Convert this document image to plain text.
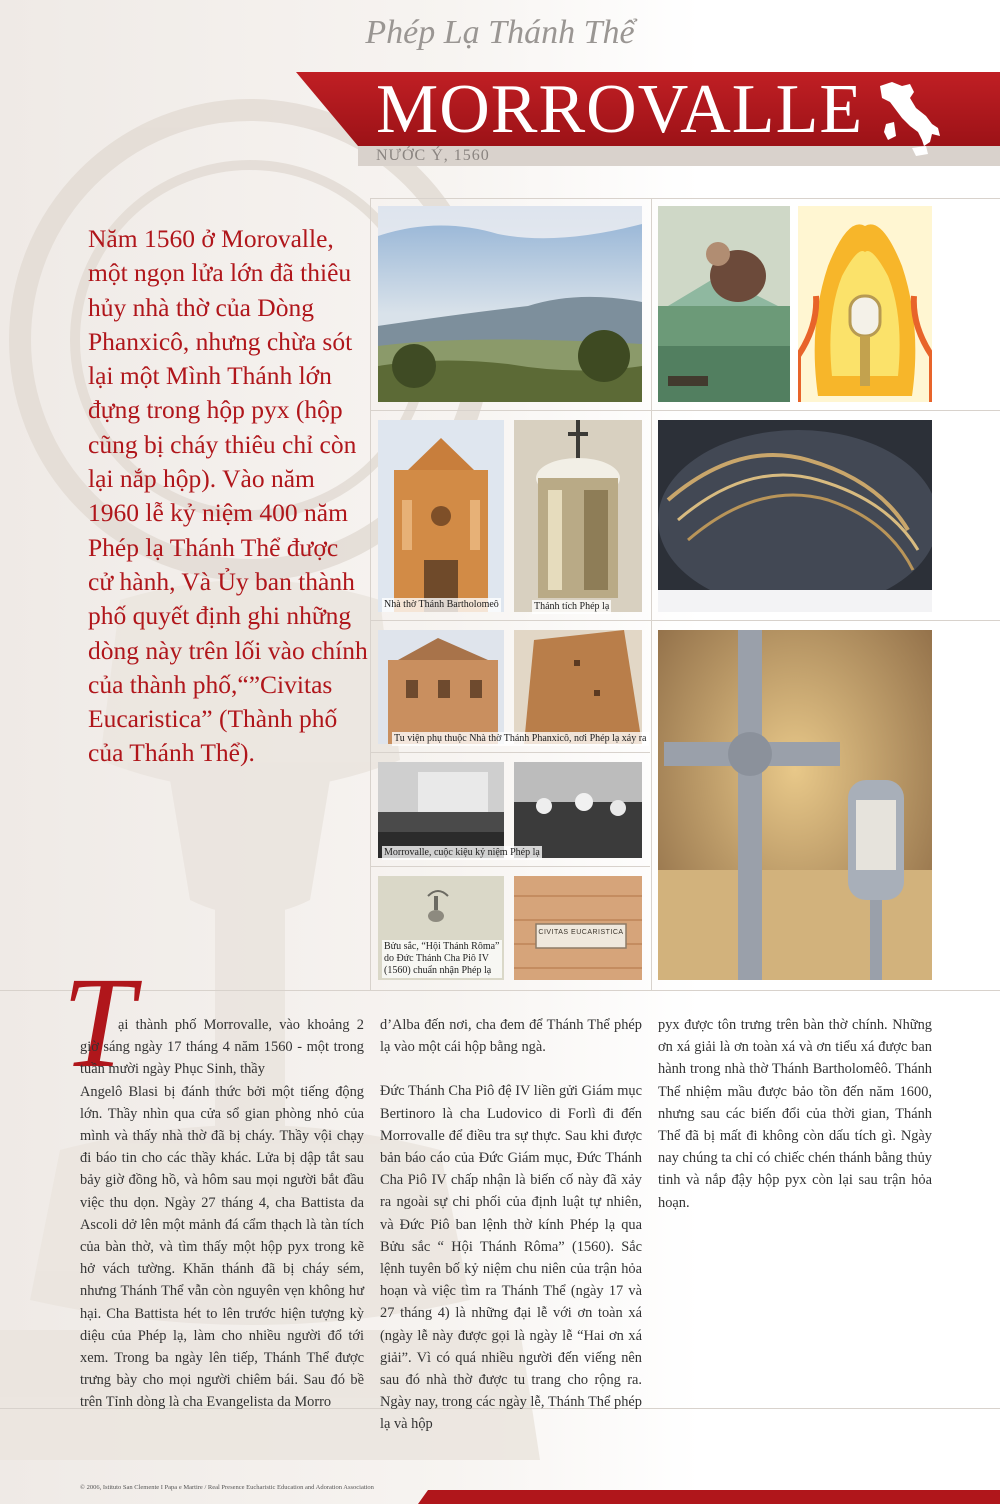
Phép Lạ Thánh Thể
MORROVALLE
NƯỚC Ý, 1560
Năm 1560 ở Morovalle, một ngọn lửa lớn đã thiêu hủy nhà thờ của Dòng Phanxicô, nhưng chừa sót lại một Mình Thánh lớn đựng trong hộp pyx (hộp cũng bị cháy thiêu chỉ còn lại nắp hộp). Vào năm 1960 lễ kỷ niệm 400 năm Phép lạ Thánh Thể được cử hành, Và Ủy ban thành phố quyết định ghi những dòng này trên lối vào chính của thành phố,“”Civitas Eucaristica” (Thành phố của Thánh Thể).
Nhà thờ Thánh Bartholomeô	Thánh tích Phép lạ
Tu viện phụ thuộc Nhà thờ Thánh Phanxicô, nơi Phép lạ xảy ra
Morrovalle, cuộc kiệu kỷ niệm Phép lạ
Bửu sắc, “Hội Thánh Rôma” do Đức Thánh Cha Piô IV (1560) chuẩn nhận Phép lạ
CIVITAS EUCARISTICA
T

ại thành phố Morrovalle, vào khoảng 2 giờ sáng ngày 17 tháng 4 năm 1560 - một trong tuần mười ngày Phục Sinh, thầy
Angelô Blasi bị đánh thức bởi một tiếng động lớn. Thầy nhìn qua cửa sổ gian phòng nhỏ của mình và thấy nhà thờ đã bị cháy. Thầy vội chạy đi báo tin cho các thầy khác. Lửa bị dập tắt sau bảy giờ đồng hồ, và hôm sau mọi người bắt đầu việc thu dọn. Ngày 27 tháng 4, cha Battista da Ascoli dở lên một mảnh đá cẩm thạch là tàn tích của bàn thờ, và tìm thấy một hộp pyx trong kẽ hở vách tường. Khăn thánh đã bị cháy sém, nhưng Thánh Thể vẫn còn nguyên vẹn không hư hại. Cha Battista hét to lên trước hiện tượng kỳ diệu của Phép lạ, làm cho nhiều người đổ tới xem. Trong ba ngày lên tiếp, Thánh Thể được trưng bày cho mọi người chiêm bái. Sau đó bề trên Tỉnh dòng là cha Evangelista da Morro

d’Alba đến nơi, cha đem để Thánh Thể phép lạ vào một cái hộp bằng ngà.

Đức Thánh Cha Piô đệ IV liền gửi Giám mục Bertinoro là cha Ludovico di Forlì đi đến Morrovalle để điều tra sự thực. Sau khi được bản báo cáo của Đức Giám mục, Đức Thánh Cha Piô IV chấp nhận là biến cố này đã xảy ra ngoài sự chi phối của định luật tự nhiên, và Đức Piô ban lệnh thờ kính Phép lạ qua Bửu sắc “ Hội Thánh Rôma” (1560). Sắc lệnh tuyên bố kỷ niệm chu niên của trận hỏa hoạn và việc tìm ra Thánh Thể (ngày 17 và 27 tháng 4) là những đại lễ với ơn toàn xá (ngày lễ này được gọi là ngày lễ “Hai ơn xá giải”. Vì có quá nhiều người đến viếng nên sau đó nhà thờ được tu trang cho rộng ra. Ngày nay, trong các ngày lễ, Thánh Thể phép lạ và hộp

pyx được tôn trưng trên bàn thờ chính. Những ơn xá giải là ơn toàn xá và ơn tiểu xá được ban hành trong nhà thờ Thánh Bartholomêô. Thánh Thể nhiệm mầu được bảo tồn đến năm 1600, nhưng sau các biến đổi của thời gian, Thánh Thể đã bị mất đi không còn dấu tích gì. Ngày nay chúng ta chỉ có chiếc chén thánh bằng thủy tinh và nắp đậy hộp pyx còn lại sau trận hỏa hoạn.

© 2006, Istituto San Clemente I Papa e Martire / Real Presence Eucharistic Education and Adoration Association
